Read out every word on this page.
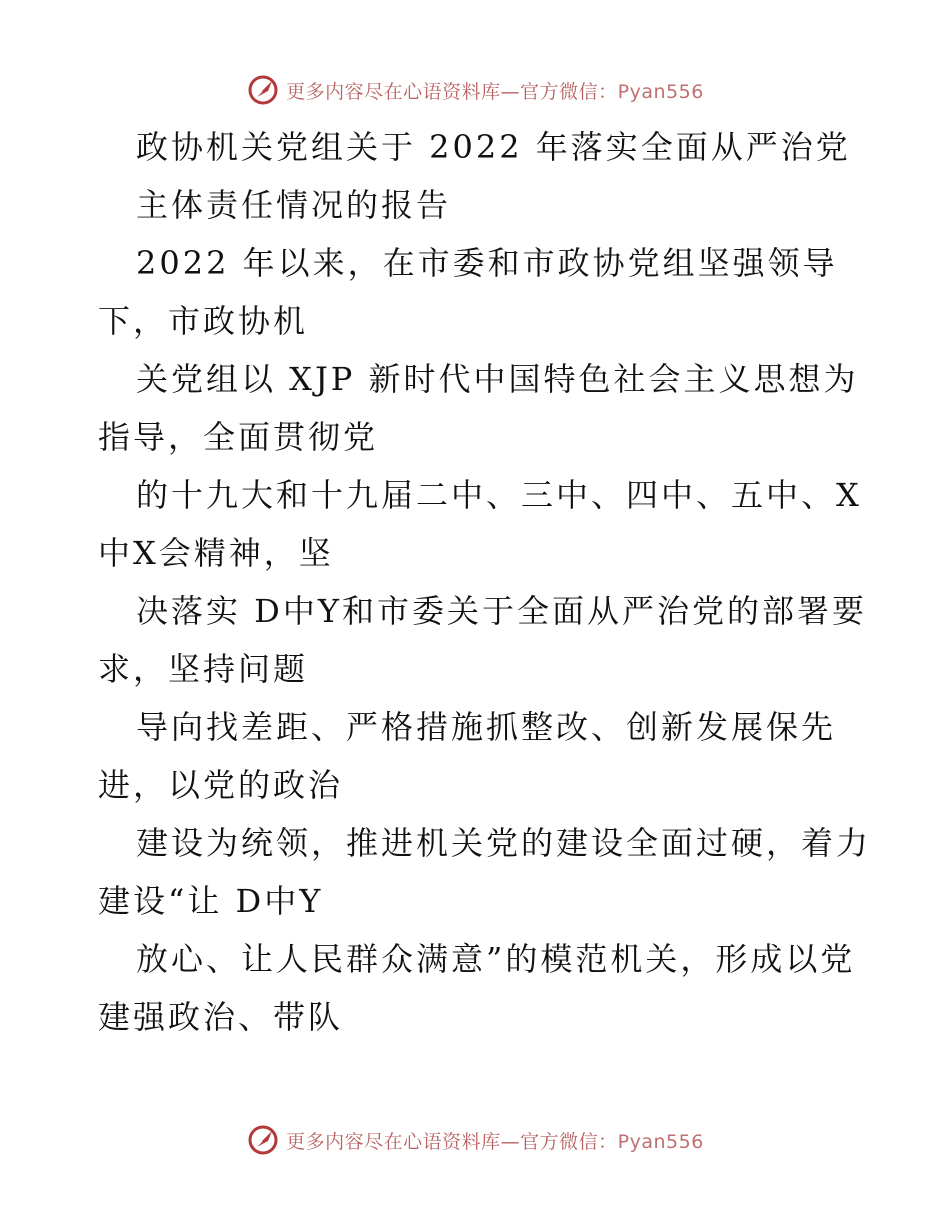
更多内容尽在心语资料库—官方微信：Pyan556
政协机关党组关于 2022 年落实全面从严治党
主体责任情况的报告
2022 年以来，在市委和市政协党组坚强领导
下，市政协机
关党组以 XJP 新时代中国特色社会主义思想为
指导，全面贯彻党
的十九大和十九届二中、三中、四中、五中、X
中X会精神，坚
决落实 D中Y和市委关于全面从严治党的部署要
求，坚持问题
导向找差距、严格措施抓整改、创新发展保先
进，以党的政治
建设为统领，推进机关党的建设全面过硬，着力
建设“让 D中Y
放心、让人民群众满意”的模范机关，形成以党
建强政治、带队
更多内容尽在心语资料库—官方微信：Pyan556
